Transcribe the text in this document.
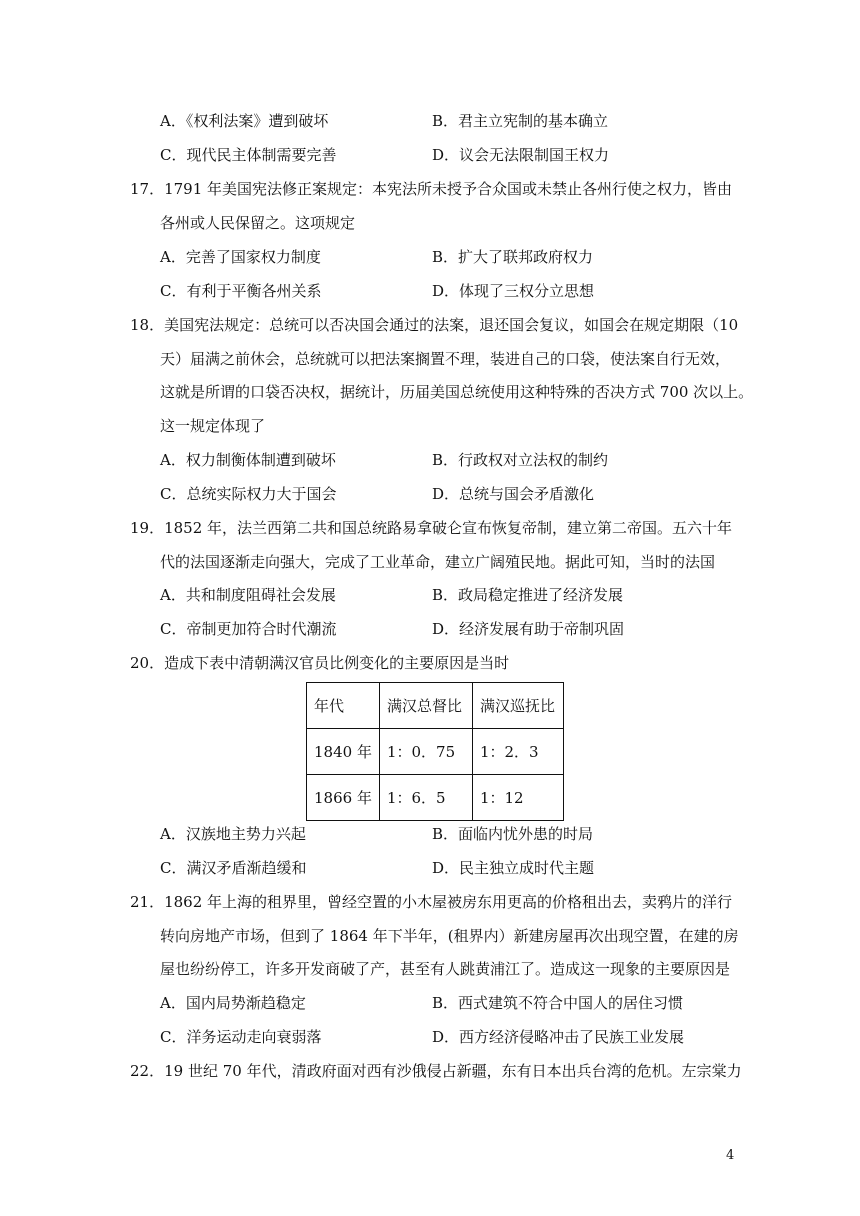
A．《权利法案》遭到破坏	B．君主立宪制的基本确立
C．现代民主体制需要完善	D．议会无法限制国王权力
17．1791 年美国宪法修正案规定：本宪法所未授予合众国或未禁止各州行使之权力，皆由
各州或人民保留之。这项规定
A．完善了国家权力制度	B．扩大了联邦政府权力
C．有利于平衡各州关系	D．体现了三权分立思想
18．美国宪法规定：总统可以否决国会通过的法案，退还国会复议，如国会在规定期限（10
天）届满之前休会，总统就可以把法案搁置不理，装进自己的口袋，使法案自行无效，
这就是所谓的口袋否决权，据统计，历届美国总统使用这种特殊的否决方式 700 次以上。
这一规定体现了
A．权力制衡体制遭到破坏	B．行政权对立法权的制约
C．总统实际权力大于国会	D．总统与国会矛盾激化
19．1852 年，法兰西第二共和国总统路易拿破仑宣布恢复帝制，建立第二帝国。五六十年
代的法国逐渐走向强大，完成了工业革命，建立广阔殖民地。据此可知，当时的法国
A．共和制度阻碍社会发展	B．政局稳定推进了经济发展
C．帝制更加符合时代潮流	D．经济发展有助于帝制巩固
20．造成下表中清朝满汉官员比例变化的主要原因是当时
年代	满汉总督比	满汉巡抚比
1840 年	1：0．75	1：2．3
1866 年	1：6．5	1：12
A．汉族地主势力兴起	B．面临内忧外患的时局
C．满汉矛盾渐趋缓和	D．民主独立成时代主题
21．1862 年上海的租界里，曾经空置的小木屋被房东用更高的价格租出去，卖鸦片的洋行
转向房地产市场，但到了 1864 年下半年，(租界内）新建房屋再次出现空置，在建的房
屋也纷纷停工，许多开发商破了产，甚至有人跳黄浦江了。造成这一现象的主要原因是
A．国内局势渐趋稳定	B．西式建筑不符合中国人的居住习惯
C．洋务运动走向衰弱落	D．西方经济侵略冲击了民族工业发展
22．19 世纪 70 年代，清政府面对西有沙俄侵占新疆，东有日本出兵台湾的危机。左宗棠力
4
